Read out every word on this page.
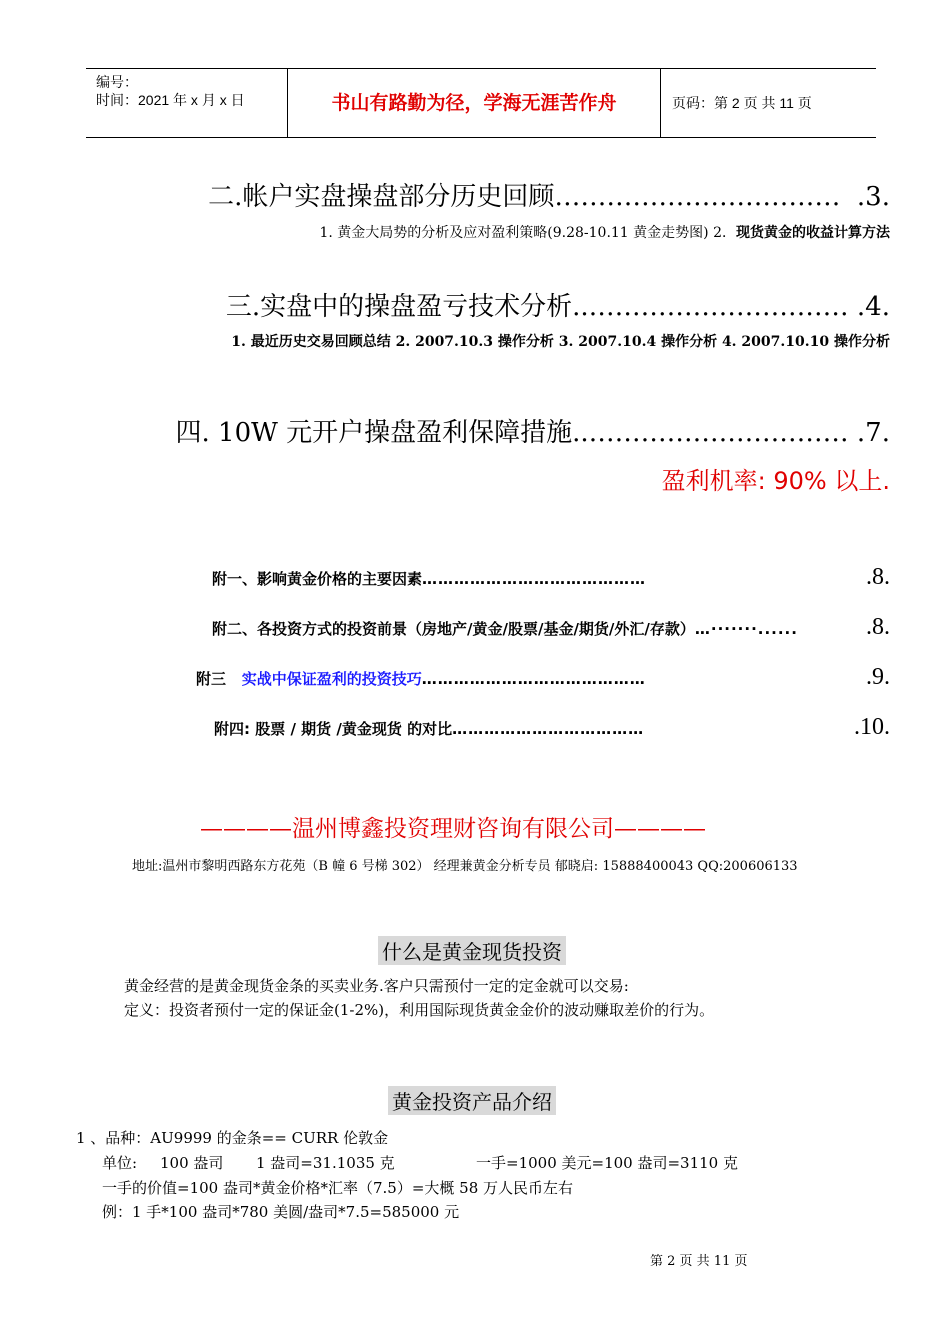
编号：
时间：2021 年 x 月 x 日	书山有路勤为径，学海无涯苦作舟	页码：第 2 页 共 11 页
二.帐户实盘操盘部分历史回顾…………………………… .3.
1. 黄金大局势的分析及应对盈利策略(9.28-10.11 黄金走势图) 2．现货黄金的收益计算方法
三.实盘中的操盘盈亏技术分析..………………………… .4.
1. 最近历史交易回顾总结 2. 2007.10.3 操作分析 3. 2007.10.4 操作分析 4. 2007.10.10 操作分析
四. 10W 元开户操盘盈利保障措施..………………………… .7.
盈利机率: 90% 以上.
附一、影响黄金价格的主要因素……………………………………	.8.
附二、各投资方式的投资前景（房地产/黄金/股票/基金/期货/外汇/存款）…·······......	.8.
附三 实战中保证盈利的投资技巧……………………………………	.9.
附四: 股票 / 期货 /黄金现货 的对比………………………………	.10.
————温州博鑫投资理财咨询有限公司————
地址:温州市黎明西路东方花苑（B 幢 6 号梯 302） 经理兼黄金分析专员 郁晓启: 15888400043 QQ:200606133
什么是黄金现货投资
黄金经营的是黄金现货金条的买卖业务.客户只需预付一定的定金就可以交易:
定义：投资者预付一定的保证金(1-2%)，利用国际现货黄金金价的波动赚取差价的行为。
黄金投资产品介绍
1 、品种：AU9999 的金条== CURR 伦敦金
单位: 100 盎司 1 盎司=31.1035 克	一手=1000 美元=100 盎司=3110 克
一手的价值=100 盎司*黄金价格*汇率（7.5）=大概 58 万人民币左右
例：1 手*100 盎司*780 美圆/盎司*7.5=585000 元
第 2 页 共 11 页
